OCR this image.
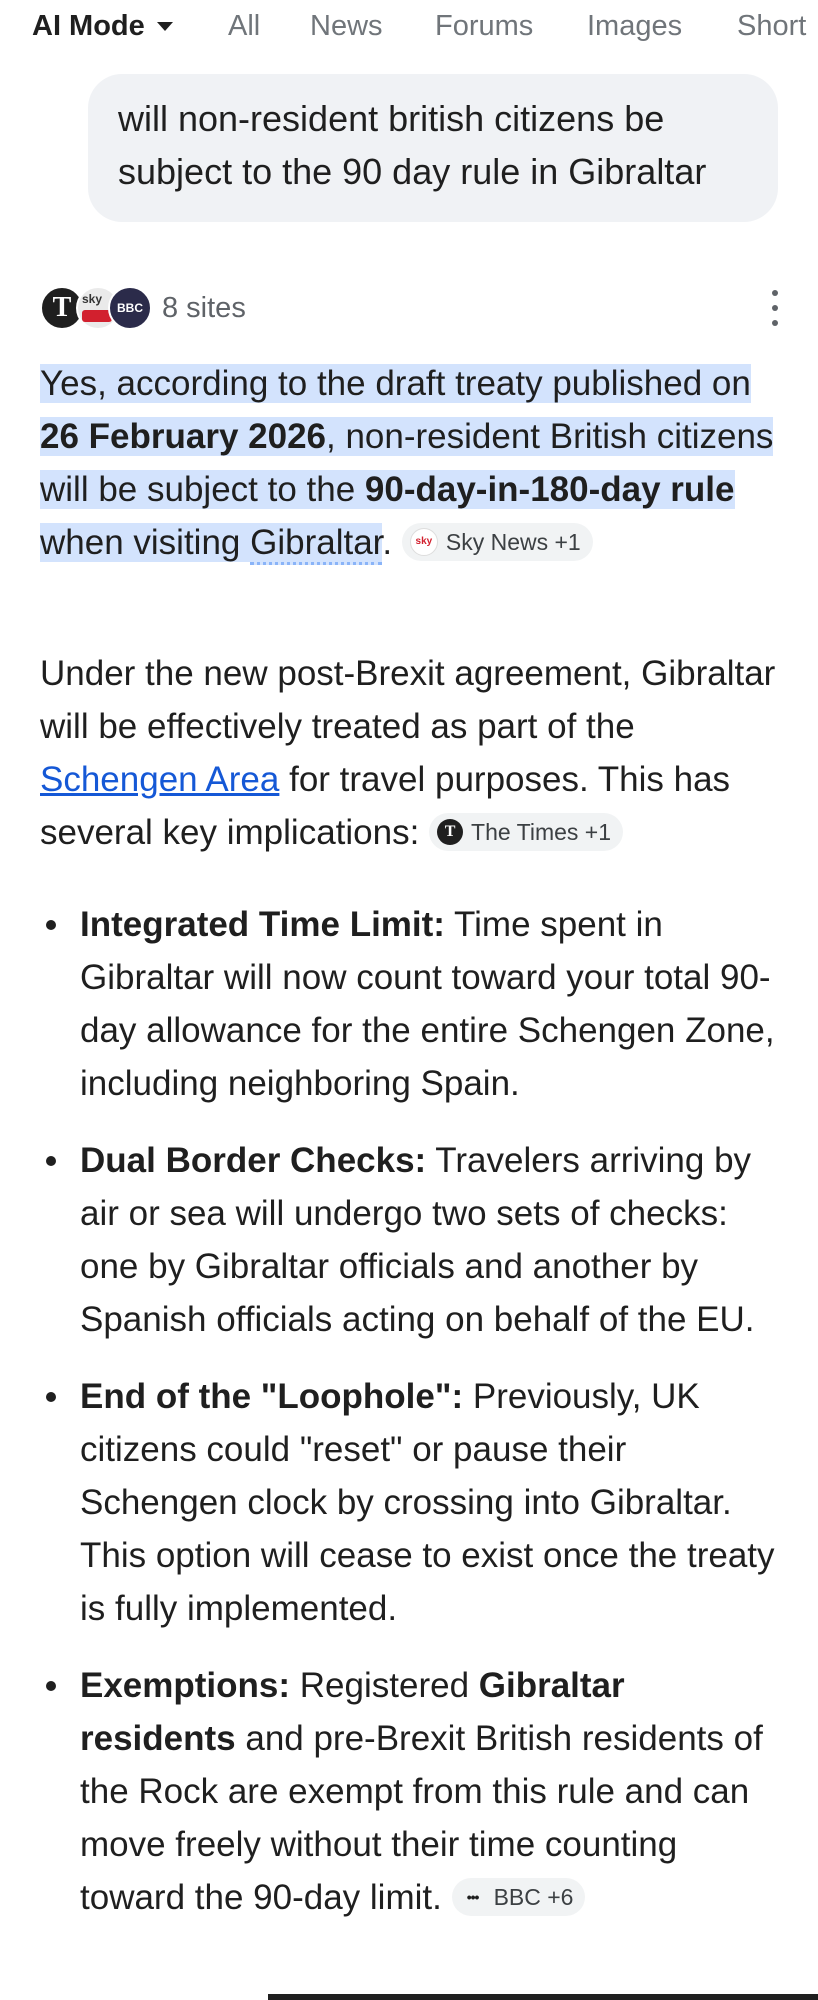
AI Mode	All News Forums Images Short
will non-resident british citizens be subject to the 90 day rule in Gibraltar
T sky
BBC 8 sites
Yes, according to the draft treaty published on 26 February 2026, non-resident British citizens will be subject to the 90-day-in-180-day rule when visiting Gibraltar.	sky Sky News +1

Under the new post-Brexit agreement, Gibraltar will be effectively treated as part of the Schengen Area for travel purposes. This has several key implications: T The Times +1

Integrated Time Limit: Time spent in Gibraltar will now count toward your total 90-day allowance for the entire Schengen Zone, including neighboring Spain.
Dual Border Checks: Travelers arriving by air or sea will undergo two sets of checks: one by Gibraltar officials and another by Spanish officials acting on behalf of the EU.
End of the "Loophole": Previously, UK citizens could "reset" or pause their Schengen clock by crossing into Gibraltar. This option will cease to exist once the treaty is fully implemented.
Exemptions: Registered Gibraltar residents and pre-Brexit British residents of the Rock are exempt from this rule and can move freely without their time counting toward the 90-day limit.	••• BBC +6
